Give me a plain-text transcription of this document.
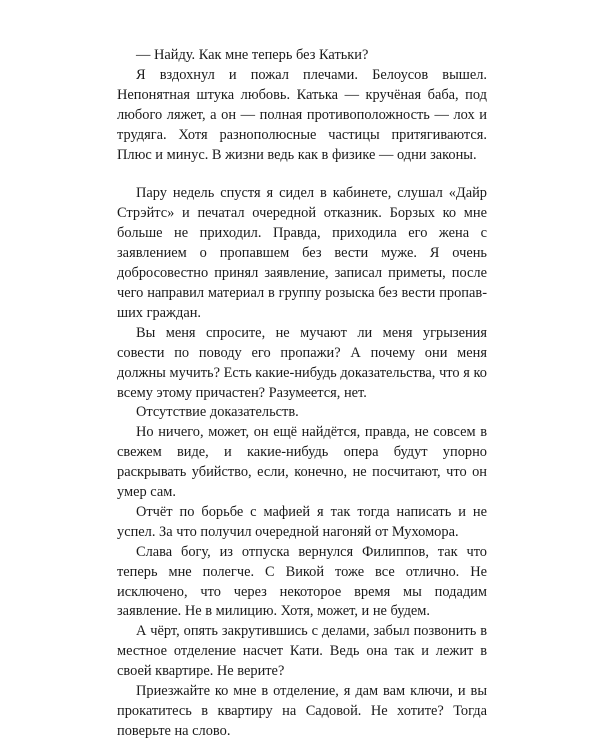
— Найду. Как мне теперь без Катьки?

Я вздохнул и пожал плечами. Белоусов вышел. Непонятная штука любовь. Катька — кручёная баба, под любого ляжет, а он — полная противоположность — лох и трудяга. Хотя разнополюсные частицы притягиваются. Плюс и минус. В жизни ведь как в физике — одни законы.

Пару недель спустя я сидел в кабинете, слушал «Дайр Стрэйтс» и печатал очередной отказник. Борзых ко мне больше не приходил. Правда, приходила его жена с заявлением о пропавшем без вести муже. Я очень добросовестно принял заявление, записал приметы, после чего направил материал в группу розыска без вести пропавших граждан.

Вы меня спросите, не мучают ли меня угрызения совести по поводу его пропажи? А почему они меня должны мучить? Есть какие-нибудь доказательства, что я ко всему этому причастен? Разумеется, нет.

Отсутствие доказательств.

Но ничего, может, он ещё найдётся, правда, не совсем в свежем виде, и какие-нибудь опера будут упорно раскрывать убийство, если, конечно, не посчитают, что он умер сам.

Отчёт по борьбе с мафией я так тогда написать и не успел. За что получил очередной нагоняй от Мухомора.

Слава богу, из отпуска вернулся Филиппов, так что теперь мне полегче. С Викой тоже все отлично. Не исключено, что через некоторое время мы подадим заявление. Не в милицию. Хотя, может, и не будем.

А чёрт, опять закрутившись с делами, забыл позвонить в местное отделение насчет Кати. Ведь она так и лежит в своей квартире. Не верите?

Приезжайте ко мне в отделение, я дам вам ключи, и вы прокатитесь в квартиру на Садовой. Не хотите? Тогда поверьте на слово.
